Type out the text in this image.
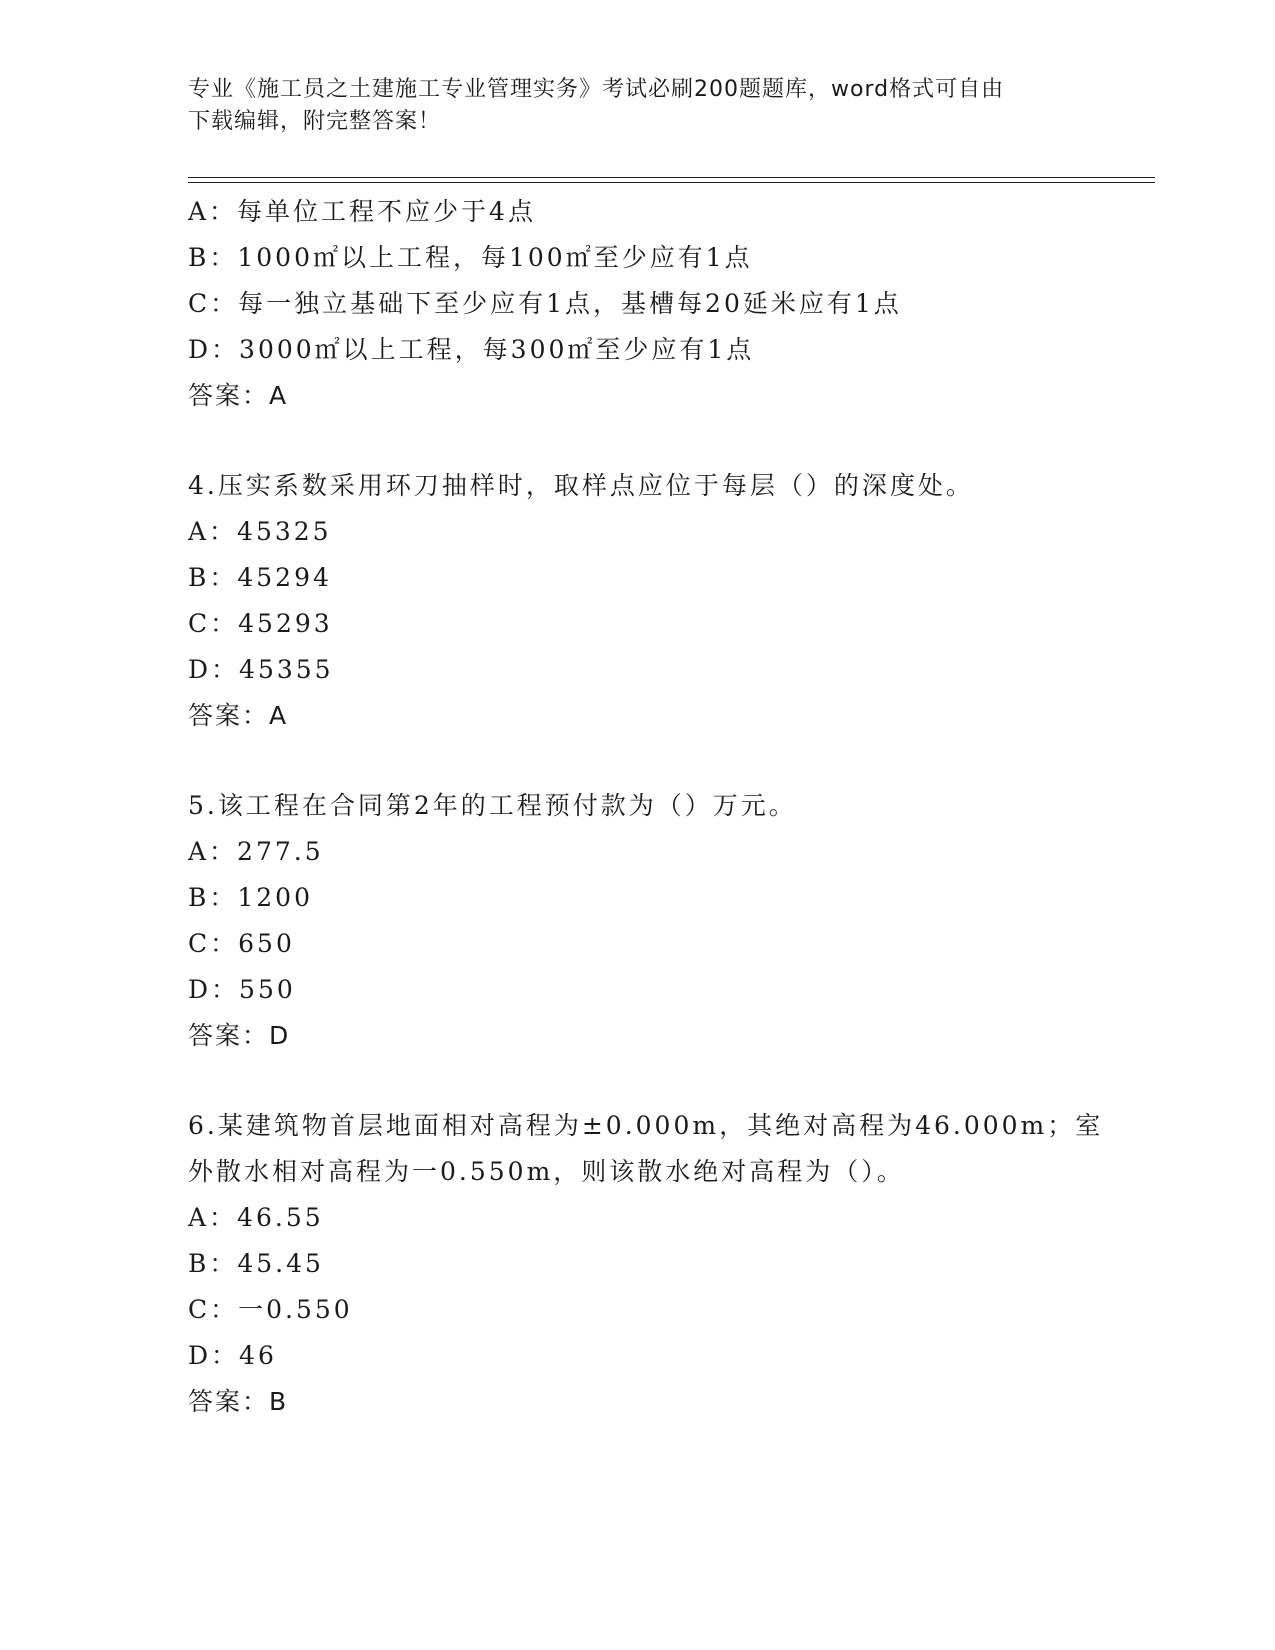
专业《施工员之土建施工专业管理实务》考试必刷200题题库，word格式可自由
下载编辑，附完整答案！
A：每单位工程不应少于4点
B：1000㎡以上工程，每100㎡至少应有1点
C：每一独立基础下至少应有1点，基槽每20延米应有1点
D：3000㎡以上工程，每300㎡至少应有1点
答案：A
4.压实系数采用环刀抽样时，取样点应位于每层（）的深度处。
A：45325
B：45294
C：45293
D：45355
答案：A
5.该工程在合同第2年的工程预付款为（）万元。
A：277.5
B：1200
C：650
D：550
答案：D
6.某建筑物首层地面相对高程为±0.000m，其绝对高程为46.000m；室
外散水相对高程为一0.550m，则该散水绝对高程为（）。
A：46.55
B：45.45
C：一0.550
D：46
答案：B
